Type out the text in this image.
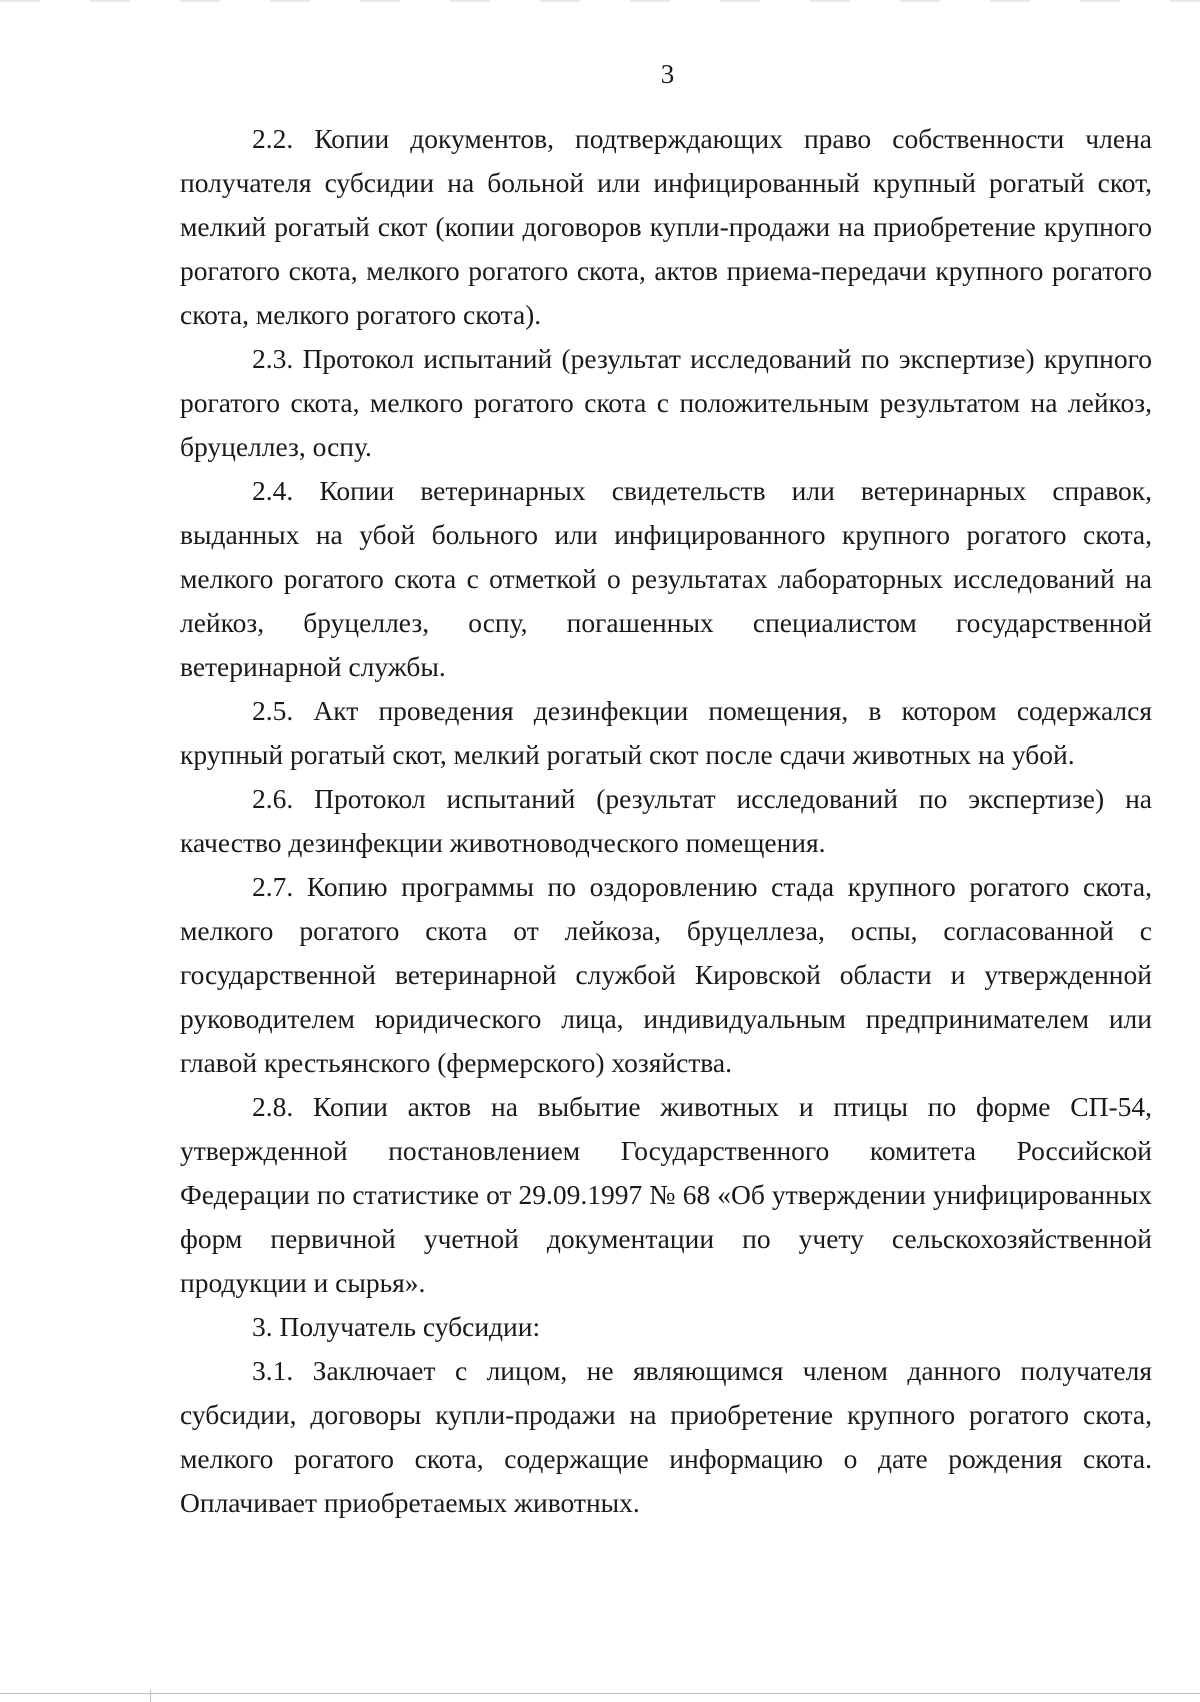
3

2.2. Копии документов, подтверждающих право собственности члена получателя субсидии на больной или инфицированный крупный рогатый скот, мелкий рогатый скот (копии договоров купли-продажи на приобретение крупного рогатого скота, мелкого рогатого скота, актов приема-передачи крупного рогатого скота, мелкого рогатого скота).

2.3. Протокол испытаний (результат исследований по экспертизе) крупного рогатого скота, мелкого рогатого скота с положительным результатом на лейкоз, бруцеллез, оспу.

2.4. Копии ветеринарных свидетельств или ветеринарных справок, выданных на убой больного или инфицированного крупного рогатого скота, мелкого рогатого скота с отметкой о результатах лабораторных исследований на лейкоз, бруцеллез, оспу, погашенных специалистом государственной ветеринарной службы.

2.5. Акт проведения дезинфекции помещения, в котором содержался крупный рогатый скот, мелкий рогатый скот после сдачи животных на убой.

2.6. Протокол испытаний (результат исследований по экспертизе) на качество дезинфекции животноводческого помещения.

2.7. Копию программы по оздоровлению стада крупного рогатого скота, мелкого рогатого скота от лейкоза, бруцеллеза, оспы, согласованной с государственной ветеринарной службой Кировской области и утвержденной руководителем юридического лица, индивидуальным предпринимателем или главой крестьянского (фермерского) хозяйства.

2.8. Копии актов на выбытие животных и птицы по форме СП-54, утвержденной постановлением Государственного комитета Российской Федерации по статистике от 29.09.1997 № 68 «Об утверждении унифицированных форм первичной учетной документации по учету сельскохозяйственной продукции и сырья».

3. Получатель субсидии:

3.1. Заключает с лицом, не являющимся членом данного получателя субсидии, договоры купли-продажи на приобретение крупного рогатого скота, мелкого рогатого скота, содержащие информацию о дате рождения скота. Оплачивает приобретаемых животных.
